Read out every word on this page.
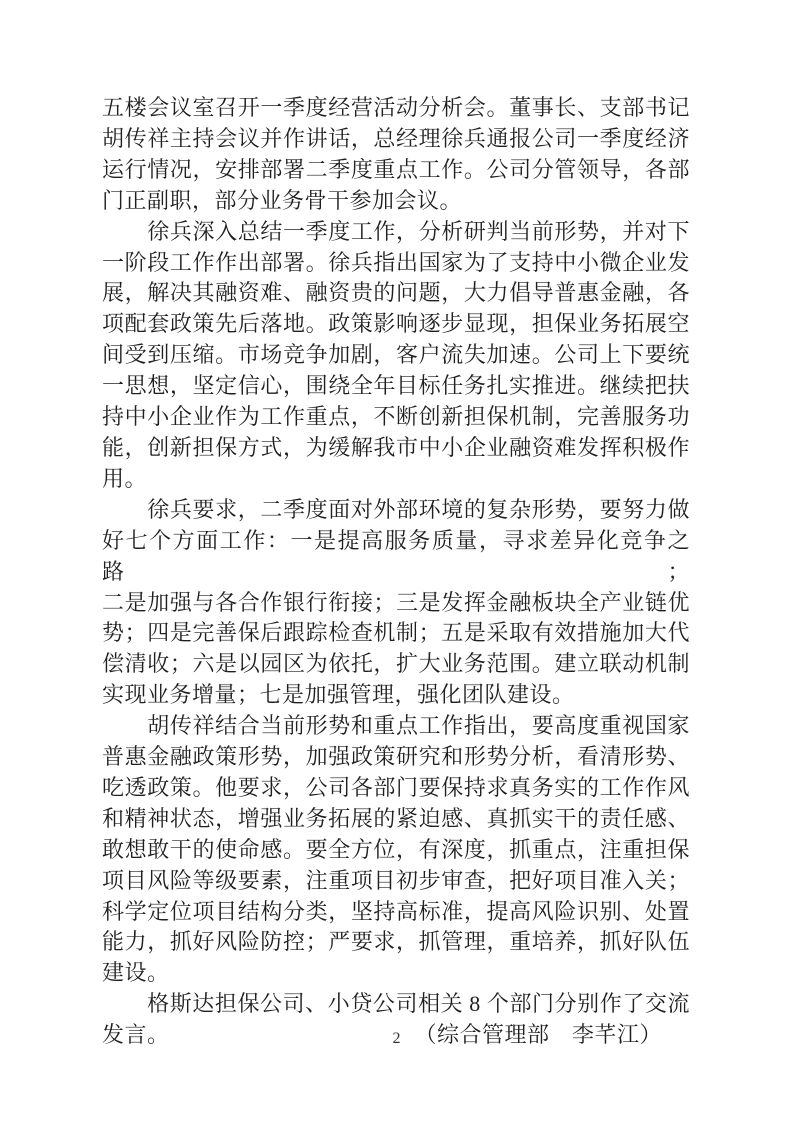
五楼会议室召开一季度经营活动分析会。董事长、支部书记
胡传祥主持会议并作讲话，总经理徐兵通报公司一季度经济
运行情况，安排部署二季度重点工作。公司分管领导，各部
门正副职，部分业务骨干参加会议。
　　徐兵深入总结一季度工作，分析研判当前形势，并对下
一阶段工作作出部署。徐兵指出国家为了支持中小微企业发
展，解决其融资难、融资贵的问题，大力倡导普惠金融，各
项配套政策先后落地。政策影响逐步显现，担保业务拓展空
间受到压缩。市场竞争加剧，客户流失加速。公司上下要统
一思想，坚定信心，围绕全年目标任务扎实推进。继续把扶
持中小企业作为工作重点，不断创新担保机制，完善服务功
能，创新担保方式，为缓解我市中小企业融资难发挥积极作
用。
　　徐兵要求，二季度面对外部环境的复杂形势，要努力做
好七个方面工作：一是提高服务质量，寻求差异化竞争之路；
二是加强与各合作银行衔接；三是发挥金融板块全产业链优
势；四是完善保后跟踪检查机制；五是采取有效措施加大代
偿清收；六是以园区为依托，扩大业务范围。建立联动机制
实现业务增量；七是加强管理，强化团队建设。
　　胡传祥结合当前形势和重点工作指出，要高度重视国家
普惠金融政策形势，加强政策研究和形势分析，看清形势、
吃透政策。他要求，公司各部门要保持求真务实的工作作风
和精神状态，增强业务拓展的紧迫感、真抓实干的责任感、
敢想敢干的使命感。要全方位，有深度，抓重点，注重担保
项目风险等级要素，注重项目初步审查，把好项目准入关；
科学定位项目结构分类，坚持高标准，提高风险识别、处置
能力，抓好风险防控；严要求，抓管理，重培养，抓好队伍
建设。
　　格斯达担保公司、小贷公司相关 8 个部门分别作了交流
发言。	（综合管理部　李芊江）
2
